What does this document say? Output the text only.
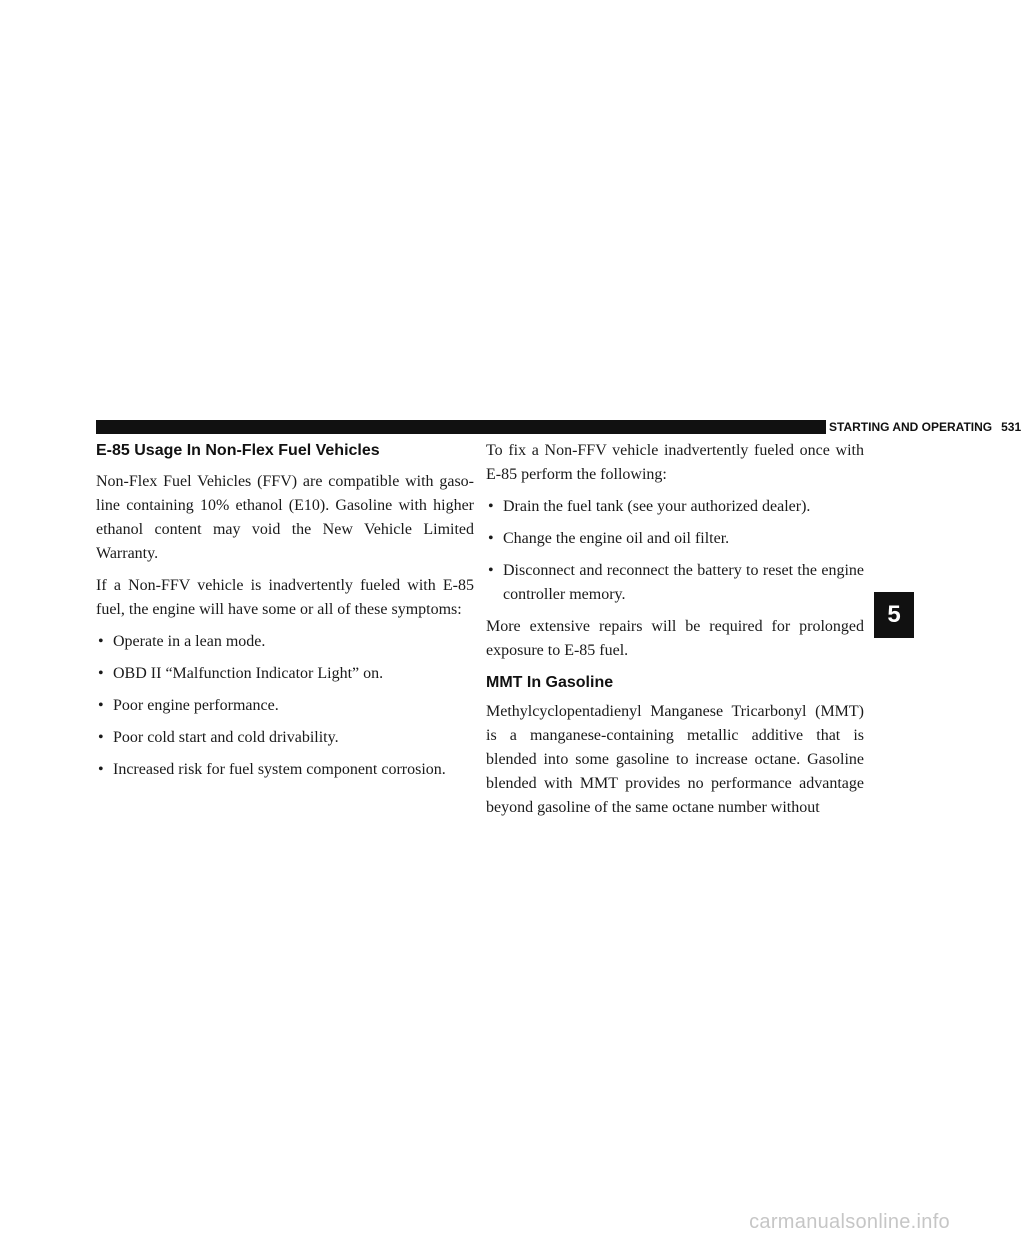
STARTING AND OPERATING 531
E-85 Usage In Non-Flex Fuel Vehicles

Non-Flex Fuel Vehicles (FFV) are compatible with gaso-line containing 10% ethanol (E10). Gasoline with higher ethanol content may void the New Vehicle Limited Warranty.

If a Non-FFV vehicle is inadvertently fueled with E-85 fuel, the engine will have some or all of these symptoms:

• Operate in a lean mode.
• OBD II “Malfunction Indicator Light” on.
• Poor engine performance.
• Poor cold start and cold drivability.
• Increased risk for fuel system component corrosion.

To fix a Non-FFV vehicle inadvertently fueled once with E-85 perform the following:

• Drain the fuel tank (see your authorized dealer).
• Change the engine oil and oil filter.
• Disconnect and reconnect the battery to reset the engine controller memory.

More extensive repairs will be required for prolonged exposure to E-85 fuel.

MMT In Gasoline

Methylcyclopentadienyl Manganese Tricarbonyl (MMT) is a manganese-containing metallic additive that is blended into some gasoline to increase octane. Gasoline blended with MMT provides no performance advantage beyond gasoline of the same octane number without

5
carmanualsonline.info
